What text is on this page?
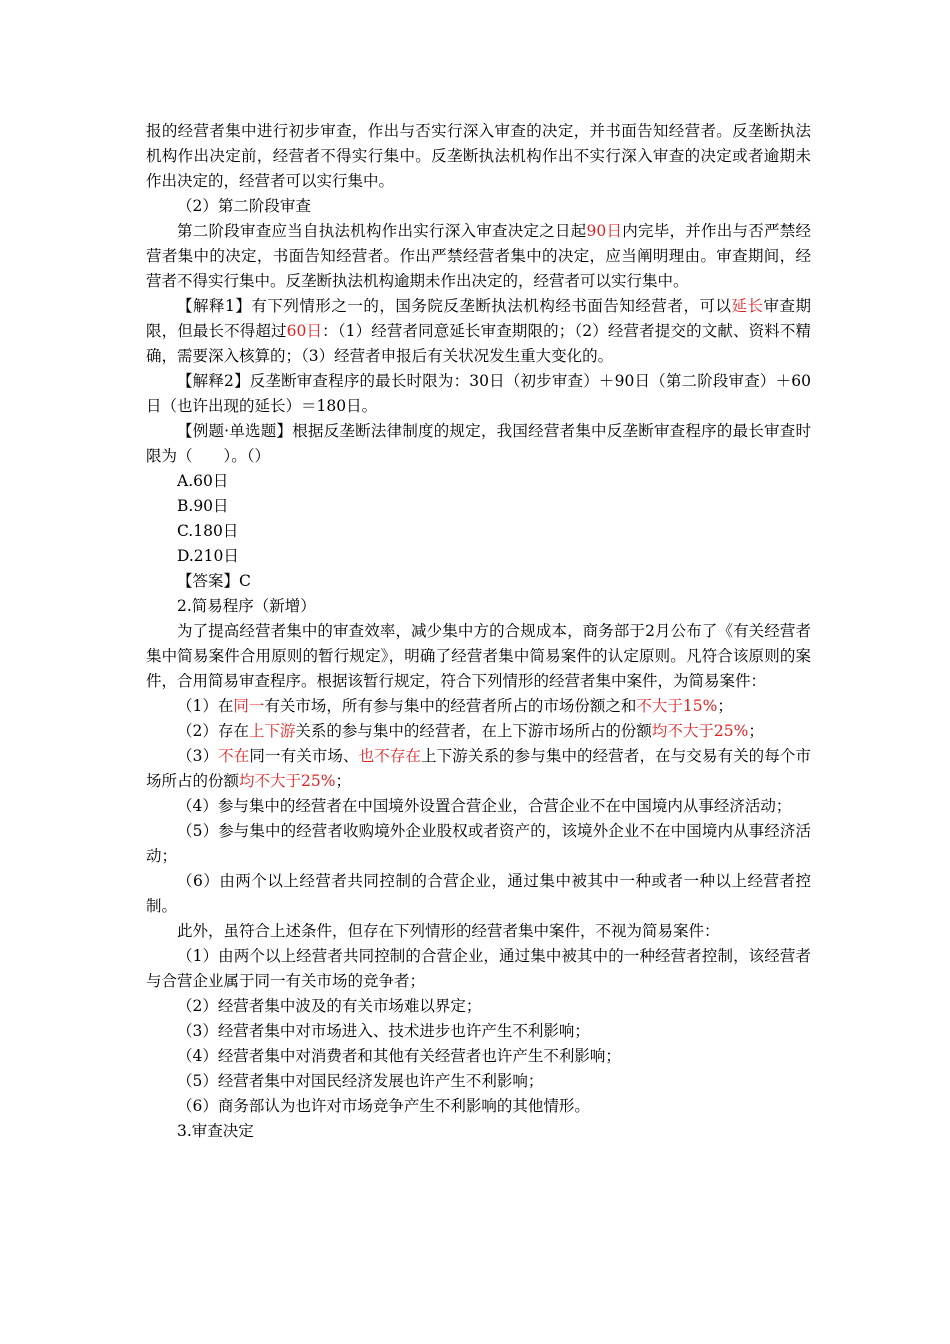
报的经营者集中进行初步审查，作出与否实行深入审查的决定，并书面告知经营者。反垄断执法机构作出决定前，经营者不得实行集中。反垄断执法机构作出不实行深入审查的决定或者逾期未作出决定的，经营者可以实行集中。

（2）第二阶段审查

第二阶段审查应当自执法机构作出实行深入审查决定之日起90日内完毕，并作出与否严禁经营者集中的决定，书面告知经营者。作出严禁经营者集中的决定，应当阐明理由。审查期间，经营者不得实行集中。反垄断执法机构逾期未作出决定的，经营者可以实行集中。

【解释1】有下列情形之一的，国务院反垄断执法机构经书面告知经营者，可以延长审查期限，但最长不得超过60日：（1）经营者同意延长审查期限的；（2）经营者提交的文献、资料不精确，需要深入核算的；（3）经营者申报后有关状况发生重大变化的。

【解释2】反垄断审查程序的最长时限为：30日（初步审查）＋90日（第二阶段审查）＋60日（也许出现的延长）＝180日。

【例题·单选题】根据反垄断法律制度的规定，我国经营者集中反垄断审查程序的最长审查时限为（　　）。（）

A.60日

B.90日

C.180日

D.210日

【答案】C

2.简易程序（新增）

为了提高经营者集中的审查效率，减少集中方的合规成本，商务部于2月公布了《有关经营者集中简易案件合用原则的暂行规定》，明确了经营者集中简易案件的认定原则。凡符合该原则的案件，合用简易审查程序。根据该暂行规定，符合下列情形的经营者集中案件，为简易案件：

（1）在同一有关市场，所有参与集中的经营者所占的市场份额之和不大于15%；

（2）存在上下游关系的参与集中的经营者，在上下游市场所占的份额均不大于25%；

（3）不在同一有关市场、也不存在上下游关系的参与集中的经营者，在与交易有关的每个市场所占的份额均不大于25%；

（4）参与集中的经营者在中国境外设置合营企业，合营企业不在中国境内从事经济活动；

（5）参与集中的经营者收购境外企业股权或者资产的，该境外企业不在中国境内从事经济活动；

（6）由两个以上经营者共同控制的合营企业，通过集中被其中一种或者一种以上经营者控制。

此外，虽符合上述条件，但存在下列情形的经营者集中案件，不视为简易案件：

（1）由两个以上经营者共同控制的合营企业，通过集中被其中的一种经营者控制，该经营者与合营企业属于同一有关市场的竞争者；

（2）经营者集中波及的有关市场难以界定；

（3）经营者集中对市场进入、技术进步也许产生不利影响；

（4）经营者集中对消费者和其他有关经营者也许产生不利影响；

（5）经营者集中对国民经济发展也许产生不利影响；

（6）商务部认为也许对市场竞争产生不利影响的其他情形。

3.审查决定
